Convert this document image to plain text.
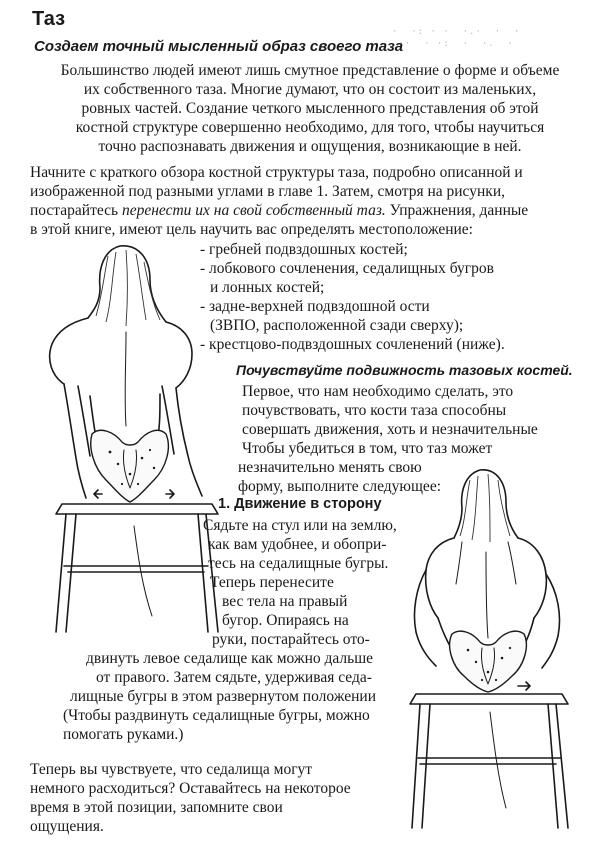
Таз
Создаем точный мысленный образ своего таза
·  ·: · ·  ·.·  ·  ·
··  · ·:  ·  ·.  ·
Большинство людей имеют лишь смутное представление о форме и объеме
их собственного таза. Многие думают, что он состоит из маленьких,
ровных частей. Создание четкого мысленного представления об этой
костной структуре совершенно необходимо, для того, чтобы научиться
точно распознавать движения и ощущения, возникающие в ней.
Начните с краткого обзора костной структуры таза, подробно описанной и
изображенной под разными углами в главе 1. Затем, смотря на рисунки,
постарайтесь перенести их на свой собственный таз. Упражнения, данные
в этой книге, имеют цель научить вас определять местоположение:
- гребней подвздошных костей;
- лобкового сочленения, седалищных бугров
и лонных костей;
- задне-верхней подвздошной ости
(ЗВПО, расположенной сзади сверху);
- крестцово-подвздошных сочленений (ниже).
Почувствуйте подвижность тазовых костей.
Первое, что нам необходимо сделать, это
почувствовать, что кости таза способны
совершать движения, хоть и незначительные
Чтобы убедиться в том, что таз может
незначительно менять свою
форму, выполните следующее:
1. Движение в сторону
Сядьте на стул или на землю,
как вам удобнее, и обопри-
тесь на седалищные бугры.
Теперь перенесите
вес тела на правый
бугор. Опираясь на
руки, постарайтесь ото-
двинуть левое седалище как можно дальше
от правого. Затем сядьте, удерживая седа-
лищные бугры в этом развернутом положении
(Чтобы раздвинуть седалищные бугры, можно
помогать руками.)
Теперь вы чувствуете, что седалища могут
немного расходиться? Оставайтесь на некоторое
время в этой позиции, запомните свои
ощущения.
